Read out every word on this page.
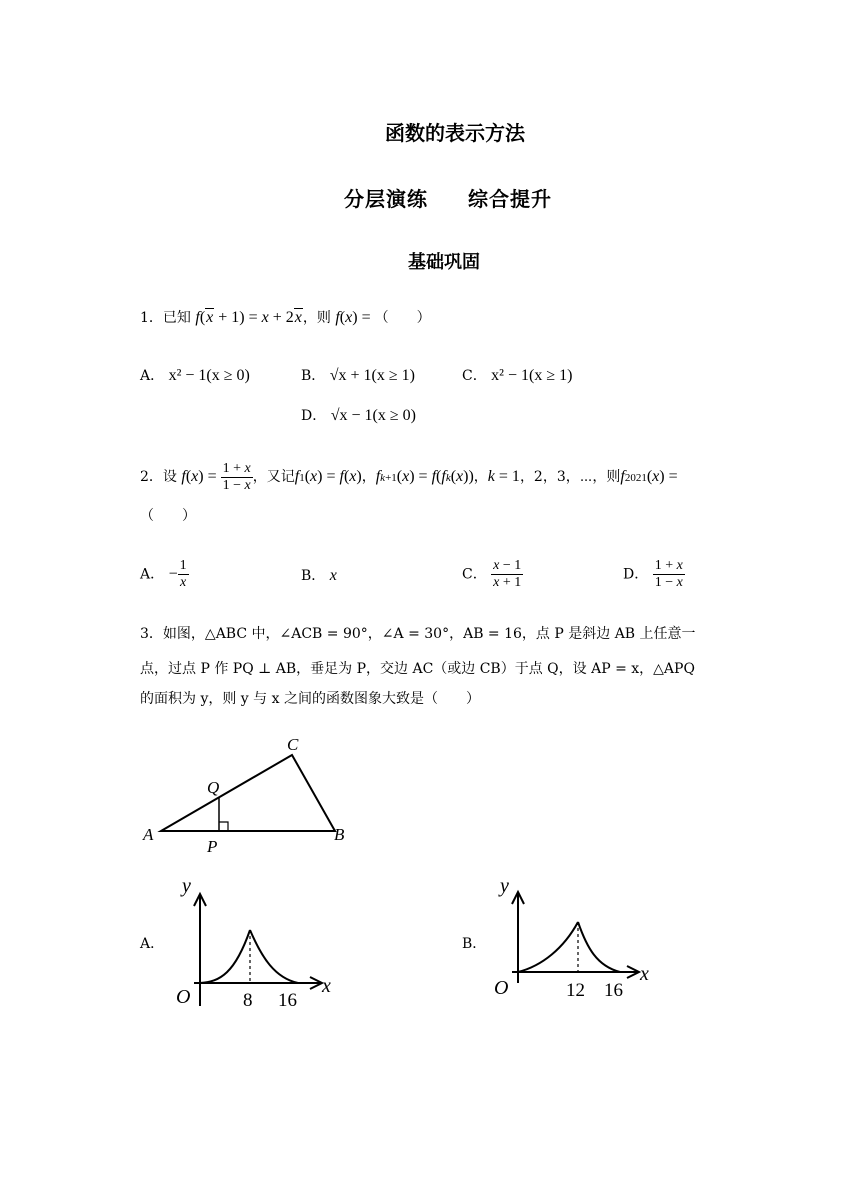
函数的表示方法
分层演练 综合提升
基础巩固
1．已知 f(x + 1) = x + 2x，则 f(x) = （　　）
A． x² − 1(x ≥ 0)	B． √x + 1(x ≥ 1)	C． x² − 1(x ≥ 1)
D． √x − 1(x ≥ 0)
2．设 $f(x) = \frac{1 + x}{1 - x}$ ，又记f1(x) = f(x)，fk+1(x) = f(fk(x))，k = 1，2，3，⋯，则f2021(x) =
（　　）
A． − $\frac{1}{x}$	B． x	C． $\frac{x - 1}{x + 1}$	D． $\frac{1 + x}{1 - x}$
3．如图，△ABC 中，∠ACB = 90°，∠A = 30°，AB = 16，点 P 是斜边 AB 上任意一
点，过点 P 作 PQ ⊥ AB，垂足为 P，交边 AC（或边 CB）于点 Q，设 AP = x，△APQ
的面积为 y，则 y 与 x 之间的函数图象大致是（　　）
A
C
B
Q
P
A．
y
x
O	8 16
B．
y
x
O	12 16
